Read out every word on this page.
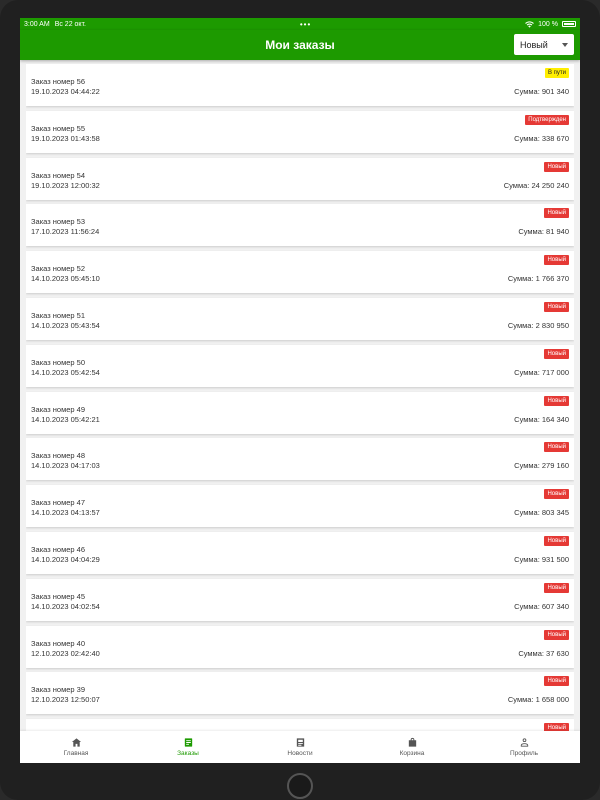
3:00 AM Вс 22 окт.	•••	100 %
Мои заказы	Новый
Заказ номер 56
19.10.2023 04:44:22
В пути
Сумма: 901 340
Заказ номер 55
19.10.2023 01:43:58
Подтвержден
Сумма: 338 670
Заказ номер 54
19.10.2023 12:00:32
Новый
Сумма: 24 250 240
Заказ номер 53
17.10.2023 11:56:24
Новый
Сумма: 81 940
Заказ номер 52
14.10.2023 05:45:10
Новый
Сумма: 1 766 370
Заказ номер 51
14.10.2023 05:43:54
Новый
Сумма: 2 830 950
Заказ номер 50
14.10.2023 05:42:54
Новый
Сумма: 717 000
Заказ номер 49
14.10.2023 05:42:21
Новый
Сумма: 164 340
Заказ номер 48
14.10.2023 04:17:03
Новый
Сумма: 279 160
Заказ номер 47
14.10.2023 04:13:57
Новый
Сумма: 803 345
Заказ номер 46
14.10.2023 04:04:29
Новый
Сумма: 931 500
Заказ номер 45
14.10.2023 04:02:54
Новый
Сумма: 607 340
Заказ номер 40
12.10.2023 02:42:40
Новый
Сумма: 37 630
Заказ номер 39
12.10.2023 12:50:07
Новый
Сумма: 1 658 000
Новый
Главная	Заказы	Новости	Корзина	Профиль
